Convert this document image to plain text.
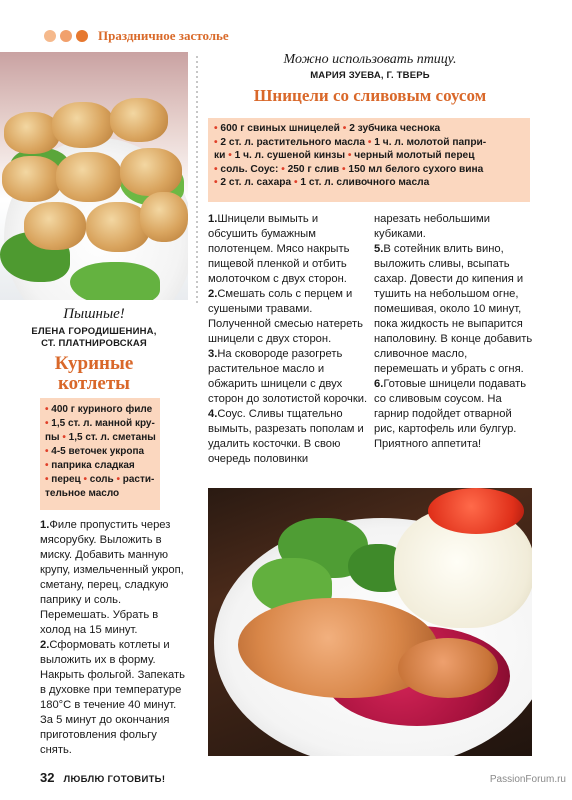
Праздничное застолье
Пышные!
ЕЛЕНА ГОРОДИШЕНИНА,
СТ. ПЛАТНИРОВСКАЯ
Куриные
котлеты
• 400 г куриного филе
• 1,5 ст. л. манной кру-
пы • 1,5 ст. л. сметаны
• 4-5 веточек укропа
• паприка сладкая
• перец • соль • расти-
тельное масло

1.Филе пропустить через мясорубку. Выложить в миску. Добавить манную крупу, измельченный укроп, сметану, перец, сладкую паприку и соль. Перемешать. Убрать в холод на 15 минут.

2.Сформовать котлеты и выложить их в форму. Накрыть фольгой. Запекать в духовке при температуре 180°С в течение 40 минут. За 5 минут до окончания приготовления фольгу снять.

Можно использовать птицу.
МАРИЯ ЗУЕВА, Г. ТВЕРЬ
Шницели со сливовым соусом
• 600 г свиных шницелей • 2 зубчика чеснока
• 2 ст. л. растительного масла • 1 ч. л. молотой папри-
ки • 1 ч. л. сушеной кинзы • черный молотый перец
• соль. Соус: • 250 г слив • 150 мл белого сухого вина
• 2 ст. л. сахара • 1 ст. л. сливочного масла

1.Шницели вымыть и обсушить бумажным полотенцем. Мясо накрыть пищевой пленкой и отбить молоточком с двух сторон.

2.Смешать соль с перцем и сушеными травами. Полученной смесью натереть шницели с двух сторон.

3.На сковороде разогреть растительное масло и обжарить шницели с двух сторон до золотистой корочки.

4.Соус. Сливы тщательно вымыть, разрезать пополам и удалить косточки. В свою очередь половинки

нарезать небольшими кубиками.

5.В сотейник влить вино, выложить сливы, всыпать сахар. Довести до кипения и тушить на небольшом огне, помешивая, около 10 минут, пока жидкость не выпарится наполовину. В конце добавить сливочное масло, перемешать и убрать с огня.

6.Готовые шницели подавать со сливовым соусом. На гарнир подойдет отварной рис, картофель или булгур. Приятного аппетита!

32 ЛЮБЛЮ ГОТОВИТЬ!	PassionForum.ru
